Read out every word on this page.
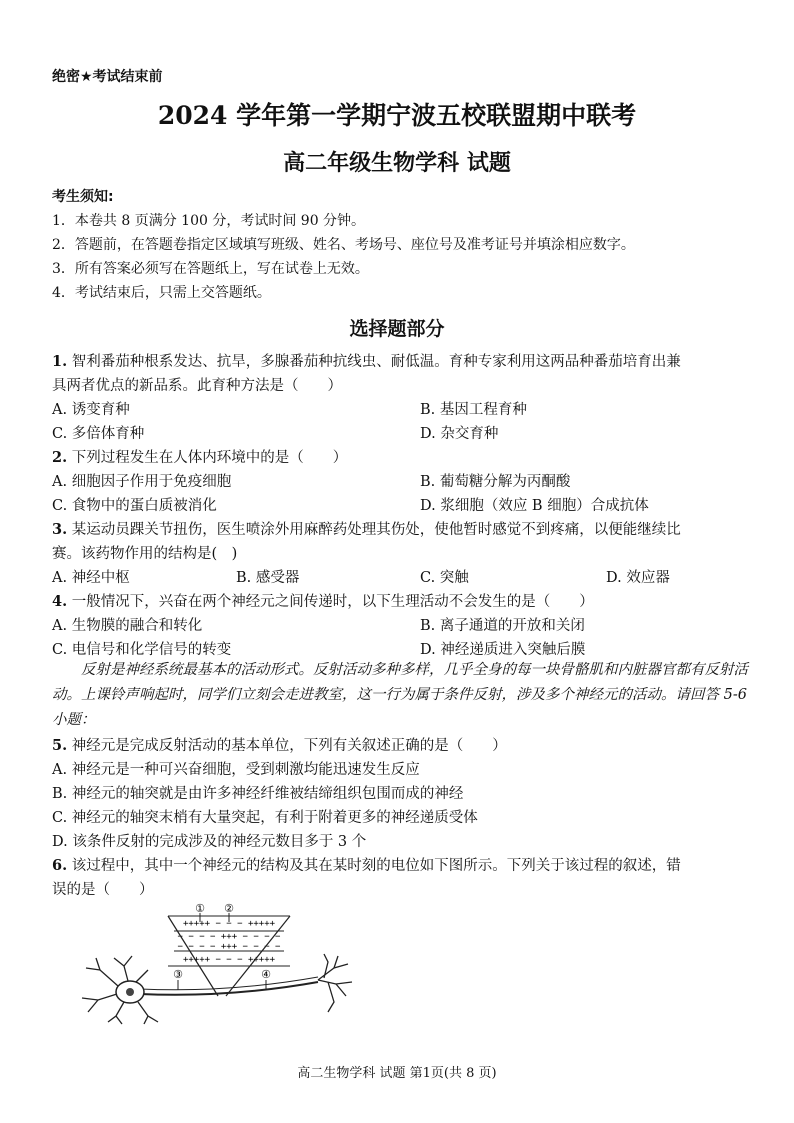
绝密★考试结束前
2024 学年第一学期宁波五校联盟期中联考
高二年级生物学科 试题
考生须知:
1．本卷共 8 页满分 100 分，考试时间 90 分钟。
2．答题前，在答题卷指定区域填写班级、姓名、考场号、座位号及准考证号并填涂相应数字。
3．所有答案必须写在答题纸上，写在试卷上无效。
4．考试结束后，只需上交答题纸。
选择题部分
1. 智利番茄种根系发达、抗旱，多腺番茄种抗线虫、耐低温。育种专家利用这两品种番茄培育出兼
具两者优点的新品系。此育种方法是（　　）
A. 诱变育种	B. 基因工程育种
C. 多倍体育种	D. 杂交育种
2. 下列过程发生在人体内环境中的是（　　）
A. 细胞因子作用于免疫细胞	B. 葡萄糖分解为丙酮酸
C. 食物中的蛋白质被消化	D. 浆细胞（效应 B 细胞）合成抗体
3. 某运动员踝关节扭伤，医生喷涂外用麻醉药处理其伤处，使他暂时感觉不到疼痛，以便能继续比
赛。该药物作用的结构是(　)
A. 神经中枢	B. 感受器	C. 突触	D. 效应器
4. 一般情况下，兴奋在两个神经元之间传递时，以下生理活动不会发生的是（　　）
A. 生物膜的融合和转化	B. 离子通道的开放和关闭
C. 电信号和化学信号的转变	D. 神经递质进入突触后膜
反射是神经系统最基本的活动形式。反射活动多种多样，几乎全身的每一块骨骼肌和内脏器官都有反射活动。上课铃声响起时，同学们立刻会走进教室，这一行为属于条件反射，涉及多个神经元的活动。请回答 5-6 小题：
5. 神经元是完成反射活动的基本单位，下列有关叙述正确的是（　　）
A. 神经元是一种可兴奋细胞，受到刺激均能迅速发生反应
B. 神经元的轴突就是由许多神经纤维被结缔组织包围而成的神经
C. 神经元的轴突末梢有大量突起，有利于附着更多的神经递质受体
D. 该条件反射的完成涉及的神经元数目多于 3 个
6. 该过程中，其中一个神经元的结构及其在某时刻的电位如下图所示。下列关于该过程的叙述，错
误的是（　　）
+++++ − − − +++++
− − − − +++ − − − −
− − − − +++ − − − −
+++++ − − − +++++
① ②
③	④
高二生物学科 试题 第1页(共 8 页)
